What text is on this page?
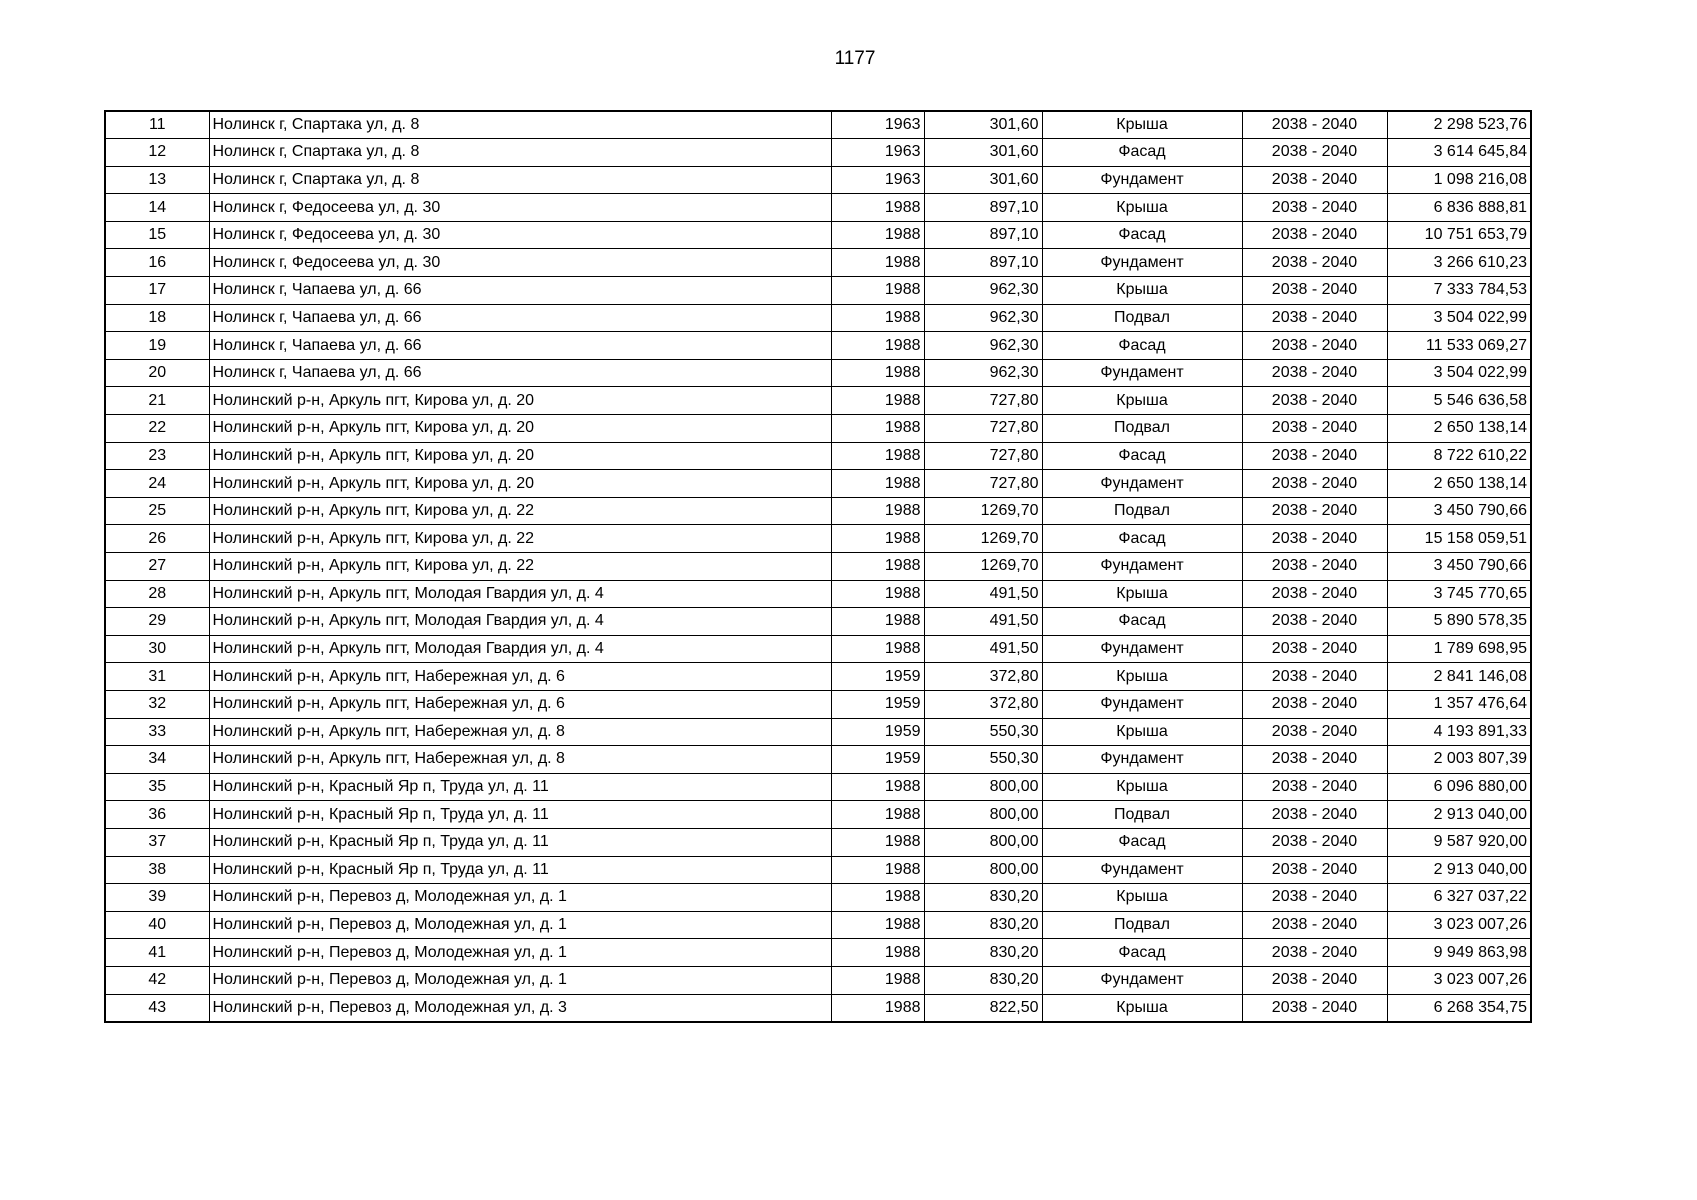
1177
11	Нолинск г, Спартака ул, д. 8	1963	301,60	Крыша	2038 - 2040	2 298 523,76
12	Нолинск г, Спартака ул, д. 8	1963	301,60	Фасад	2038 - 2040	3 614 645,84
13	Нолинск г, Спартака ул, д. 8	1963	301,60	Фундамент	2038 - 2040	1 098 216,08
14	Нолинск г, Федосеева ул, д. 30	1988	897,10	Крыша	2038 - 2040	6 836 888,81
15	Нолинск г, Федосеева ул, д. 30	1988	897,10	Фасад	2038 - 2040	10 751 653,79
16	Нолинск г, Федосеева ул, д. 30	1988	897,10	Фундамент	2038 - 2040	3 266 610,23
17	Нолинск г, Чапаева ул, д. 66	1988	962,30	Крыша	2038 - 2040	7 333 784,53
18	Нолинск г, Чапаева ул, д. 66	1988	962,30	Подвал	2038 - 2040	3 504 022,99
19	Нолинск г, Чапаева ул, д. 66	1988	962,30	Фасад	2038 - 2040	11 533 069,27
20	Нолинск г, Чапаева ул, д. 66	1988	962,30	Фундамент	2038 - 2040	3 504 022,99
21	Нолинский р-н, Аркуль пгт, Кирова ул, д. 20	1988	727,80	Крыша	2038 - 2040	5 546 636,58
22	Нолинский р-н, Аркуль пгт, Кирова ул, д. 20	1988	727,80	Подвал	2038 - 2040	2 650 138,14
23	Нолинский р-н, Аркуль пгт, Кирова ул, д. 20	1988	727,80	Фасад	2038 - 2040	8 722 610,22
24	Нолинский р-н, Аркуль пгт, Кирова ул, д. 20	1988	727,80	Фундамент	2038 - 2040	2 650 138,14
25	Нолинский р-н, Аркуль пгт, Кирова ул, д. 22	1988	1269,70	Подвал	2038 - 2040	3 450 790,66
26	Нолинский р-н, Аркуль пгт, Кирова ул, д. 22	1988	1269,70	Фасад	2038 - 2040	15 158 059,51
27	Нолинский р-н, Аркуль пгт, Кирова ул, д. 22	1988	1269,70	Фундамент	2038 - 2040	3 450 790,66
28	Нолинский р-н, Аркуль пгт, Молодая Гвардия ул, д. 4	1988	491,50	Крыша	2038 - 2040	3 745 770,65
29	Нолинский р-н, Аркуль пгт, Молодая Гвардия ул, д. 4	1988	491,50	Фасад	2038 - 2040	5 890 578,35
30	Нолинский р-н, Аркуль пгт, Молодая Гвардия ул, д. 4	1988	491,50	Фундамент	2038 - 2040	1 789 698,95
31	Нолинский р-н, Аркуль пгт, Набережная ул, д. 6	1959	372,80	Крыша	2038 - 2040	2 841 146,08
32	Нолинский р-н, Аркуль пгт, Набережная ул, д. 6	1959	372,80	Фундамент	2038 - 2040	1 357 476,64
33	Нолинский р-н, Аркуль пгт, Набережная ул, д. 8	1959	550,30	Крыша	2038 - 2040	4 193 891,33
34	Нолинский р-н, Аркуль пгт, Набережная ул, д. 8	1959	550,30	Фундамент	2038 - 2040	2 003 807,39
35	Нолинский р-н, Красный Яр п, Труда ул, д. 11	1988	800,00	Крыша	2038 - 2040	6 096 880,00
36	Нолинский р-н, Красный Яр п, Труда ул, д. 11	1988	800,00	Подвал	2038 - 2040	2 913 040,00
37	Нолинский р-н, Красный Яр п, Труда ул, д. 11	1988	800,00	Фасад	2038 - 2040	9 587 920,00
38	Нолинский р-н, Красный Яр п, Труда ул, д. 11	1988	800,00	Фундамент	2038 - 2040	2 913 040,00
39	Нолинский р-н, Перевоз д, Молодежная ул, д. 1	1988	830,20	Крыша	2038 - 2040	6 327 037,22
40	Нолинский р-н, Перевоз д, Молодежная ул, д. 1	1988	830,20	Подвал	2038 - 2040	3 023 007,26
41	Нолинский р-н, Перевоз д, Молодежная ул, д. 1	1988	830,20	Фасад	2038 - 2040	9 949 863,98
42	Нолинский р-н, Перевоз д, Молодежная ул, д. 1	1988	830,20	Фундамент	2038 - 2040	3 023 007,26
43	Нолинский р-н, Перевоз д, Молодежная ул, д. 3	1988	822,50	Крыша	2038 - 2040	6 268 354,75
